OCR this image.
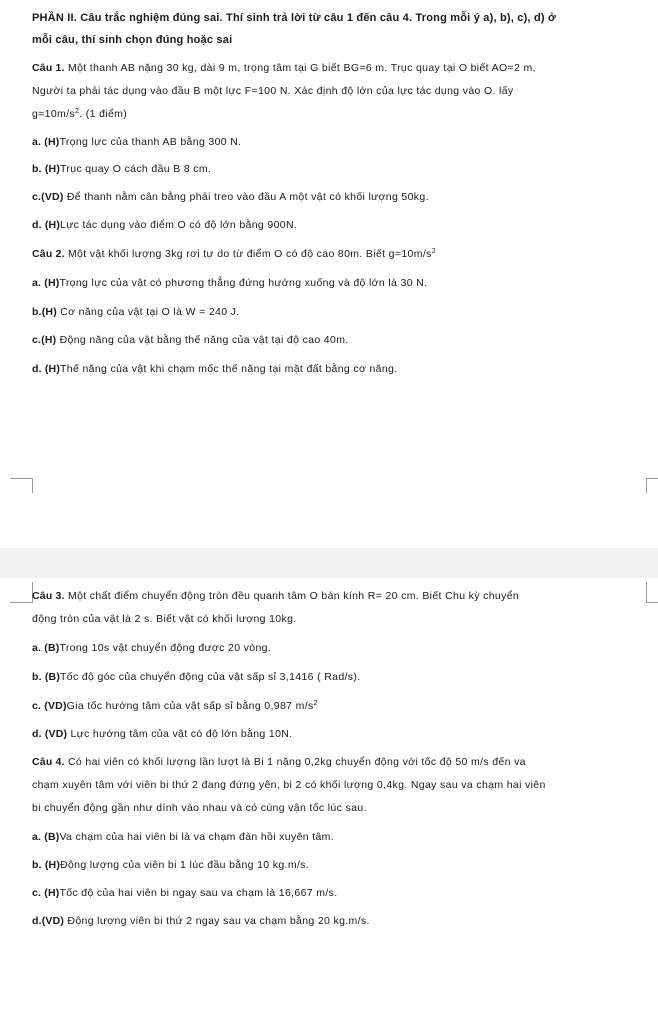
PHẦN II. Câu trắc nghiệm đúng sai. Thí sinh trả lời từ câu 1 đến câu 4. Trong mỗi ý a), b), c), d) ở
mỗi câu, thí sinh chọn đúng hoặc sai
Câu 1. Một thanh AB nặng 30 kg, dài 9 m, trọng tâm tại G biết BG=6 m. Trục quay tại O biết AO=2 m,
Người ta phải tác dụng vào đầu B một lực F=100 N. Xác định độ lớn của lực tác dụng vào O. lấy
$g=10m/s^2$. (1 điểm)
a. (H)Trọng lực của thanh AB bằng 300 N.
b. (H)Trục quay O cách đầu B 8 cm.
c.(VD) Để thanh nằm cân bằng phải treo vào đầu A một vật có khối lượng 50kg.
d. (H)Lực tác dụng vào điểm O có độ lớn bằng 900N.
Câu 2. Một vật khối lượng 3kg rơi tự do từ điểm O có độ cao 80m. Biết $g=10m/s^2$
a. (H)Trọng lực của vật có phương thẳng đứng hướng xuống và độ lớn là 30 N.
b.(H) Cơ năng của vật tại O là W = 240 J.
c.(H) Động năng của vật bằng thế năng của vật tại độ cao 40m.
d. (H)Thế năng của vật khi chạm mốc thế năng tại mặt đất bằng cơ năng.
Câu 3. Một chất điểm chuyển động tròn đều quanh tâm O bán kính R= 20 cm. Biết Chu kỳ chuyển
động tròn của vật là 2 s. Biết vật có khối lượng 10kg.
a. (B)Trong 10s vật chuyển động được 20 vòng.
b. (B)Tốc độ góc của chuyển động của vật sấp sỉ 3,1416 ( Rad/s).
c. (VD)Gia tốc hướng tâm của vật sấp sỉ bằng 0,987 $m/s^2$
d. (VD) Lực hướng tâm của vật có độ lớn bằng 10N.
Câu 4. Có hai viên có khối lượng lần lượt là Bi 1 nặng 0,2kg chuyển động với tốc độ 50 m/s đến va
chạm xuyên tâm với viên bi thứ 2 đang đứng yên, bi 2 có khối lượng 0,4kg. Ngay sau va chạm hai viên
bi chuyển động gần như dính vào nhau và có cùng vận tốc lúc sau.
a. (B)Va chạm của hai viên bi là va chạm đàn hồi xuyên tâm.
b. (H)Động lượng của viên bi 1 lúc đầu bằng 10 kg.m/s.
c. (H)Tốc độ của hai viên bi ngay sau va chạm là 16,667 m/s.
d.(VD) Động lượng viên bi thứ 2 ngay sau va chạm bằng 20 kg.m/s.
